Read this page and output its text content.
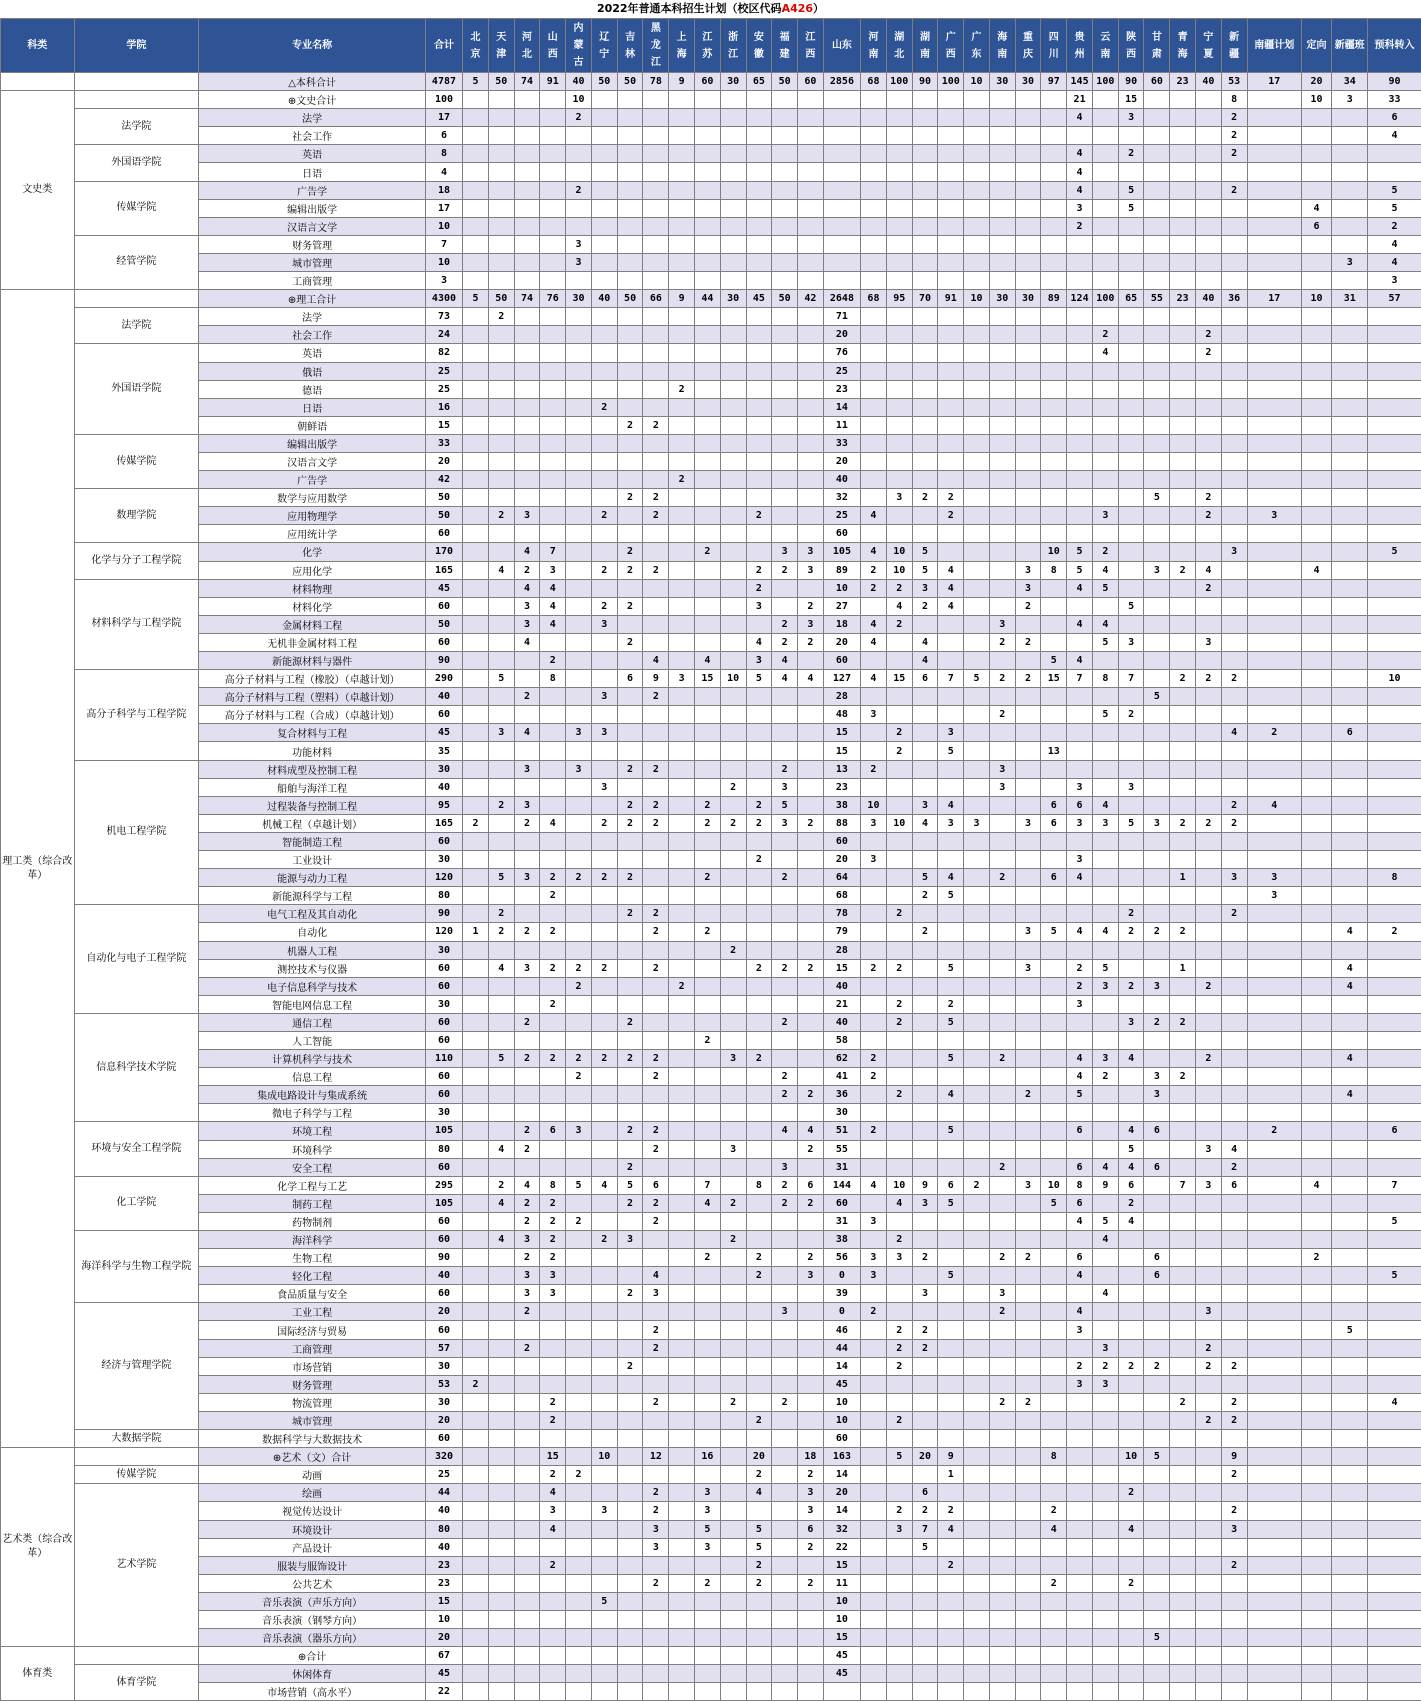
2022年普通本科招生计划（校区代码A426）
科类	学院	专业名称	合计	北京	天津	河北	山西	内蒙古	辽宁	吉林	黑龙江	上海	江苏	浙江	安徽	福建	江西	山东	河南	湖北	湖南	广西	广东	海南	重庆	四川	贵州	云南	陕西	甘肃	青海	宁夏	新疆	南疆计划	定向	新疆班	预科转入
		△本科合计	4787	5	50	74	91	40	50	50	78	9	60	30	65	50	60	2856	68	100	90	100	10	30	30	97	145	100	90	60	23	40	53	17	20	34	90
文史类		⊕文史合计	100					10																			21		15				8		10	3	33
	法学院	法学	17					2																			4		3				2				6
		社会工作	6																														2				4
	外国语学院	英语	8																								4		2				2				
		日语	4																								4										
	传媒学院	广告学	18					2																			4		5				2				5
		编辑出版学	17																								3		5						4		5
		汉语言文学	10																								2								6		2
	经管学院	财务管理	7					3																													4
		城市管理	10					3																												3	4
		工商管理	3																																		3
理工类（综合改革）		⊕理工合计	4300	5	50	74	76	30	40	50	66	9	44	30	45	50	42	2648	68	95	70	91	10	30	30	89	124	100	65	55	23	40	36	17	10	31	57
	法学院	法学	73		2													71																			
		社会工作	24															20										2				2					
	外国语学院	英语	82															76										4				2					
		俄语	25															25																			
		德语	25									2						23																			
		日语	16						2									14																			
		朝鲜语	15							2	2							11																			
	传媒学院	编辑出版学	33															33																			
		汉语言文学	20															20																			
		广告学	42									2						40																			
	数理学院	数学与应用数学	50							2	2							32		3	2	2								5		2					
		应用物理学	50		2	3			2		2				2			25	4			2						3				2		3			
		应用统计学	60															60																			
	化学与分子工程学院	化学	170			4	7			2			2			3	3	105	4	10	5					10	5	2					3				5
		应用化学	165		4	2	3		2	2	2				2	2	3	89	2	10	5	4			3	8	5	4		3	2	4			4		
	材料科学与工程学院	材料物理	45			4	4								2			10	2	2	3	4			3		4	5				2					
		材料化学	60			3	4		2	2					3		2	27		4	2	4			2				5								
		金属材料工程	50			3	4		3							2	3	18	4	2				3			4	4									
		无机非金属材料工程	60			4				2					4	2	2	20	4		4			2	2			5	3			3					
		新能源材料与器件	90				2				4		4		3	4		60			4					5	4										
	高分子科学与工程学院	高分子材料与工程（橡胶）（卓越计划）	290		5		8			6	9	3	15	10	5	4	4	127	4	15	6	7	5	2	2	15	7	8	7		2	2	2				10
		高分子材料与工程（塑料）（卓越计划）	40			2			3		2							28												5							
		高分子材料与工程（合成）（卓越计划）	60															48	3					2				5	2								
		复合材料与工程	45		3	4		3	3									15		2		3											4	2		6	
		功能材料	35															15		2		5				13											
	机电工程学院	材料成型及控制工程	30			3		3		2	2					2		13	2					3													
		船舶与海洋工程	40						3					2		3		23						3			3		3								
		过程装备与控制工程	95		2	3				2	2		2		2	5		38	10		3	4				6	6	4					2	4			
		机械工程（卓越计划）	165	2		2	4		2	2	2		2	2	2	3	2	88	3	10	4	3	3		3	6	3	3	5	3	2	2	2				
		智能制造工程	60															60																			
		工业设计	30												2			20	3								3										
		能源与动力工程	120		5	3	2	2	2	2			2			2		64			5	4		2		6	4				1		3	3			8
		新能源科学与工程	80				2											68			2	5												3			
	自动化与电子工程学院	电气工程及其自动化	90		2					2	2							78		2									2				2				
		自动化	120	1	2	2	2				2		2					79			2				3	5	4	4	2	2	2					4	2
		机器人工程	30											2				28																			
		测控技术与仪器	60		4	3	2	2	2		2				2	2	2	15	2	2		5			3		2	5			1					4	
		电子信息科学与技术	60					2				2						40									2	3	2	3		2				4	
		智能电网信息工程	30				2											21		2		2					3										
	信息科学技术学院	通信工程	60			2				2						2		40		2		5							3	2	2						
		人工智能	60										2					58																			
		计算机科学与技术	110		5	2	2	2	2	2	2			3	2			62	2			5		2			4	3	4			2				4	
		信息工程	60					2			2					2		41	2								4	2		3	2						
		集成电路设计与集成系统	60													2	2	36		2		4			2		5			3						4	
		微电子科学与工程	30															30																			
	环境与安全工程学院	环境工程	105			2	6	3		2	2					4	4	51	2			5					6		4	6				2			6
		环境科学	80		4	2					2			3			2	55											5			3	4				
		安全工程	60							2						3		31						2			6	4	4	6			2				
	化工学院	化学工程与工艺	295		2	4	8	5	4	5	6		7		8	2	6	144	4	10	9	6	2		3	10	8	9	6		7	3	6		4		7
		制药工程	105		4	2	2			2	2		4	2		2	2	60		4	3	5				5	6		2								
		药物制剂	60			2	2	2			2							31	3								4	5	4								5
	海洋科学与生物工程学院	海洋科学	60		4	3	2		2	3				2				38		2								4									
		生物工程	90			2	2						2		2		2	56	3	3	2			2	2		6			6					2		
		轻化工程	40			3	3				4				2		3	0	3			5					4			6							5
		食品质量与安全	60			3	3			2	3							39			3			3				4									
	经济与管理学院	工业工程	20			2										3		0	2					2			4					3					
		国际经济与贸易	60								2							46		2	2						3									5	
		工商管理	57			2					2							44		2	2							3				2					
		市场营销	30							2								14		2							2	2	2	2		2	2				
		财务管理	53	2														45									3	3									
		物流管理	30				2				2			2		2		10						2	2						2		2				4
		城市管理	20				2								2			10		2												2	2				
	大数据学院	数据科学与大数据技术	60															60																			
艺术类（综合改革）		⊕艺术（文）合计	320				15		10		12		16		20		18	163		5	20	9				8			10	5			9				
	传媒学院	动画	25				2	2							2		2	14				1											2				
	艺术学院	绘画	44				4				2		3		4		3	20			6								2								
		视觉传达设计	40				3		3		2		3				3	14		2	2	2				2							2				
		环境设计	80				4				3		5		5		6	32		3	7	4				4			4				3				
		产品设计	40								3		3		5		2	22			5																
		服装与服饰设计	23				2								2			15				2											2				
		公共艺术	23								2		2		2		2	11								2			2								
		音乐表演（声乐方向）	15						5									10																			
		音乐表演（钢琴方向）	10															10																			
		音乐表演（器乐方向）	20															15												5							
体育类		⊕合计	67															45																			
	体育学院	休闲体育	45															45																			
		市场营销（高水平）	22																																		
